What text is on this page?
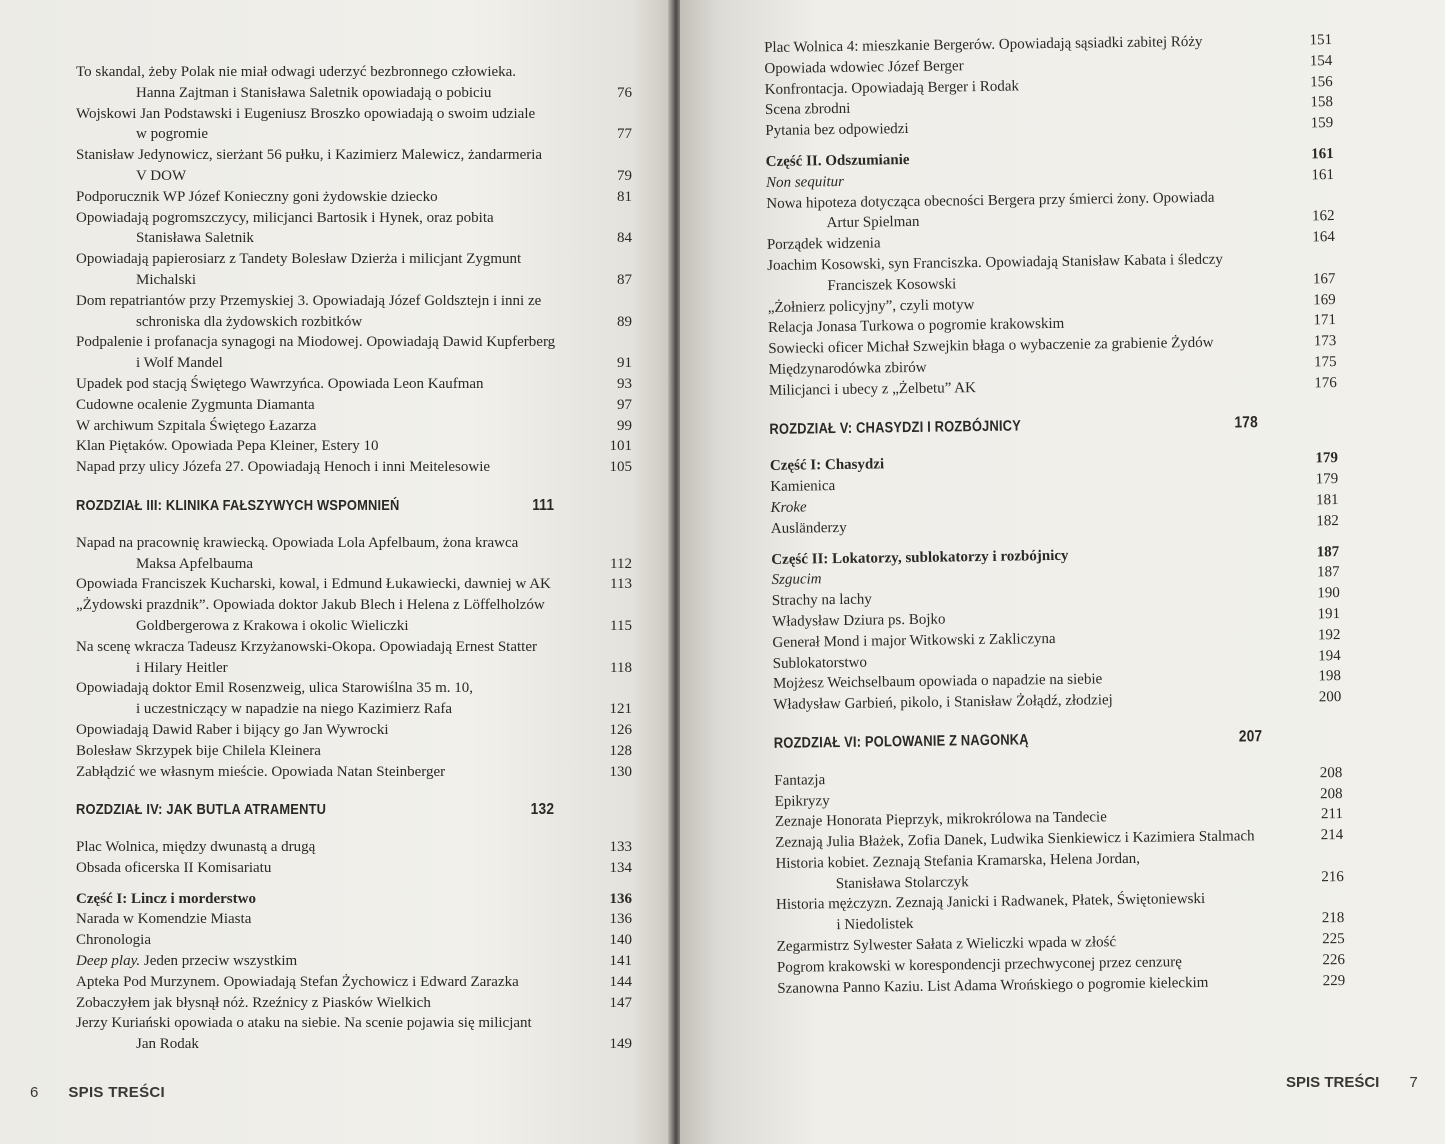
To skandal, żeby Polak nie miał odwagi uderzyć bezbronnego człowieka.
Hanna Zajtman i Stanisława Saletnik opowiadają o pobiciu	76
Wojskowi Jan Podstawski i Eugeniusz Broszko opowiadają o swoim udziale
w pogromie	77
Stanisław Jedynowicz, sierżant 56 pułku, i Kazimierz Malewicz, żandarmeria
V DOW	79
Podporucznik WP Józef Konieczny goni żydowskie dziecko	81
Opowiadają pogromszczycy, milicjanci Bartosik i Hynek, oraz pobita
Stanisława Saletnik	84
Opowiadają papierosiarz z Tandety Bolesław Dzierża i milicjant Zygmunt
Michalski	87
Dom repatriantów przy Przemyskiej 3. Opowiadają Józef Goldsztejn i inni ze
schroniska dla żydowskich rozbitków	89
Podpalenie i profanacja synagogi na Miodowej. Opowiadają Dawid Kupferberg
i Wolf Mandel	91
Upadek pod stacją Świętego Wawrzyńca. Opowiada Leon Kaufman	93
Cudowne ocalenie Zygmunta Diamanta	97
W archiwum Szpitala Świętego Łazarza	99
Klan Piętaków. Opowiada Pepa Kleiner, Estery 10	101
Napad przy ulicy Józefa 27. Opowiadają Henoch i inni Meitelesowie	105
ROZDZIAŁ III: KLINIKA FAŁSZYWYCH WSPOMNIEŃ	111
Napad na pracownię krawiecką. Opowiada Lola Apfelbaum, żona krawca
Maksa Apfelbauma	112
Opowiada Franciszek Kucharski, kowal, i Edmund Łukawiecki, dawniej w AK	113
„Żydowski prazdnik”. Opowiada doktor Jakub Blech i Helena z Löffelholzów
Goldbergerowa z Krakowa i okolic Wieliczki	115
Na scenę wkracza Tadeusz Krzyżanowski-Okopa. Opowiadają Ernest Statter
i Hilary Heitler	118
Opowiadają doktor Emil Rosenzweig, ulica Starowiślna 35 m. 10,
i uczestniczący w napadzie na niego Kazimierz Rafa	121
Opowiadają Dawid Raber i bijący go Jan Wywrocki	126
Bolesław Skrzypek bije Chilela Kleinera	128
Zabłądzić we własnym mieście. Opowiada Natan Steinberger	130
ROZDZIAŁ IV: JAK BUTLA ATRAMENTU	132
Plac Wolnica, między dwunastą a drugą	133
Obsada oficerska II Komisariatu	134
Część I: Lincz i morderstwo	136
Narada w Komendzie Miasta	136
Chronologia	140
Deep play. Jeden przeciw wszystkim	141
Apteka Pod Murzynem. Opowiadają Stefan Żychowicz i Edward Zarazka	144
Zobaczyłem jak błysnął nóż. Rzeźnicy z Piasków Wielkich	147
Jerzy Kuriański opowiada o ataku na siebie. Na scenie pojawia się milicjant
Jan Rodak	149
6 SPIS TREŚCI
Plac Wolnica 4: mieszkanie Bergerów. Opowiadają sąsiadki zabitej Róży	151
Opowiada wdowiec Józef Berger	154
Konfrontacja. Opowiadają Berger i Rodak	156
Scena zbrodni	158
Pytania bez odpowiedzi	159
Część II. Odszumianie	161
Non sequitur	161
Nowa hipoteza dotycząca obecności Bergera przy śmierci żony. Opowiada
Artur Spielman	162
Porządek widzenia	164
Joachim Kosowski, syn Franciszka. Opowiadają Stanisław Kabata i śledczy
Franciszek Kosowski	167
„Żołnierz policyjny”, czyli motyw	169
Relacja Jonasa Turkowa o pogromie krakowskim	171
Sowiecki oficer Michał Szwejkin błaga o wybaczenie za grabienie Żydów	173
Międzynarodówka zbirów	175
Milicjanci i ubecy z „Żelbetu” AK	176
ROZDZIAŁ V: CHASYDZI I ROZBÓJNICY	178
Część I: Chasydzi	179
Kamienica	179
Kroke	181
Ausländerzy	182
Część II: Lokatorzy, sublokatorzy i rozbójnicy	187
Szgucim	187
Strachy na lachy	190
Władysław Dziura ps. Bojko	191
Generał Mond i major Witkowski z Zakliczyna	192
Sublokatorstwo	194
Mojżesz Weichselbaum opowiada o napadzie na siebie	198
Władysław Garbień, pikolo, i Stanisław Żołądź, złodziej	200
ROZDZIAŁ VI: POLOWANIE Z NAGONKĄ	207
Fantazja	208
Epikryzy	208
Zeznaje Honorata Pieprzyk, mikrokrólowa na Tandecie	211
Zeznają Julia Błażek, Zofia Danek, Ludwika Sienkiewicz i Kazimiera Stalmach	214
Historia kobiet. Zeznają Stefania Kramarska, Helena Jordan,
Stanisława Stolarczyk	216
Historia mężczyzn. Zeznają Janicki i Radwanek, Płatek, Świętoniewski
i Niedolistek	218
Zegarmistrz Sylwester Sałata z Wieliczki wpada w złość	225
Pogrom krakowski w korespondencji przechwyconej przez cenzurę	226
Szanowna Panno Kaziu. List Adama Wrońskiego o pogromie kieleckim	229
SPIS TREŚCI 7
